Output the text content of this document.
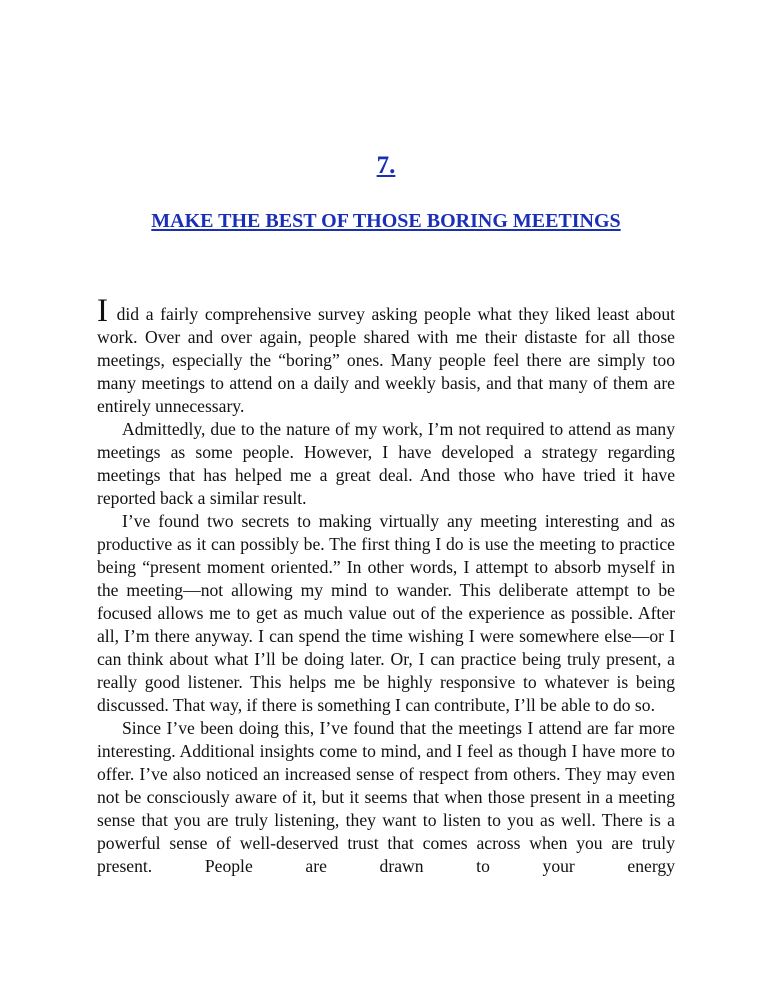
7.
MAKE THE BEST OF THOSE BORING MEETINGS

I did a fairly comprehensive survey asking people what they liked least about work. Over and over again, people shared with me their distaste for all those meetings, especially the “boring” ones. Many people feel there are simply too many meetings to attend on a daily and weekly basis, and that many of them are entirely unnecessary.

Admittedly, due to the nature of my work, I’m not required to attend as many meetings as some people. However, I have developed a strategy regarding meetings that has helped me a great deal. And those who have tried it have reported back a similar result.

I’ve found two secrets to making virtually any meeting interesting and as productive as it can possibly be. The first thing I do is use the meeting to practice being “present moment oriented.” In other words, I attempt to absorb myself in the meeting—not allowing my mind to wander. This deliberate attempt to be focused allows me to get as much value out of the experience as possible. After all, I’m there anyway. I can spend the time wishing I were somewhere else—or I can think about what I’ll be doing later. Or, I can practice being truly present, a really good listener. This helps me be highly responsive to whatever is being discussed. That way, if there is something I can contribute, I’ll be able to do so.

Since I’ve been doing this, I’ve found that the meetings I attend are far more interesting. Additional insights come to mind, and I feel as though I have more to offer. I’ve also noticed an increased sense of respect from others. They may even not be consciously aware of it, but it seems that when those present in a meeting sense that you are truly listening, they want to listen to you as well. There is a powerful sense of well-deserved trust that comes across when you are truly present. People are drawn to your energy
